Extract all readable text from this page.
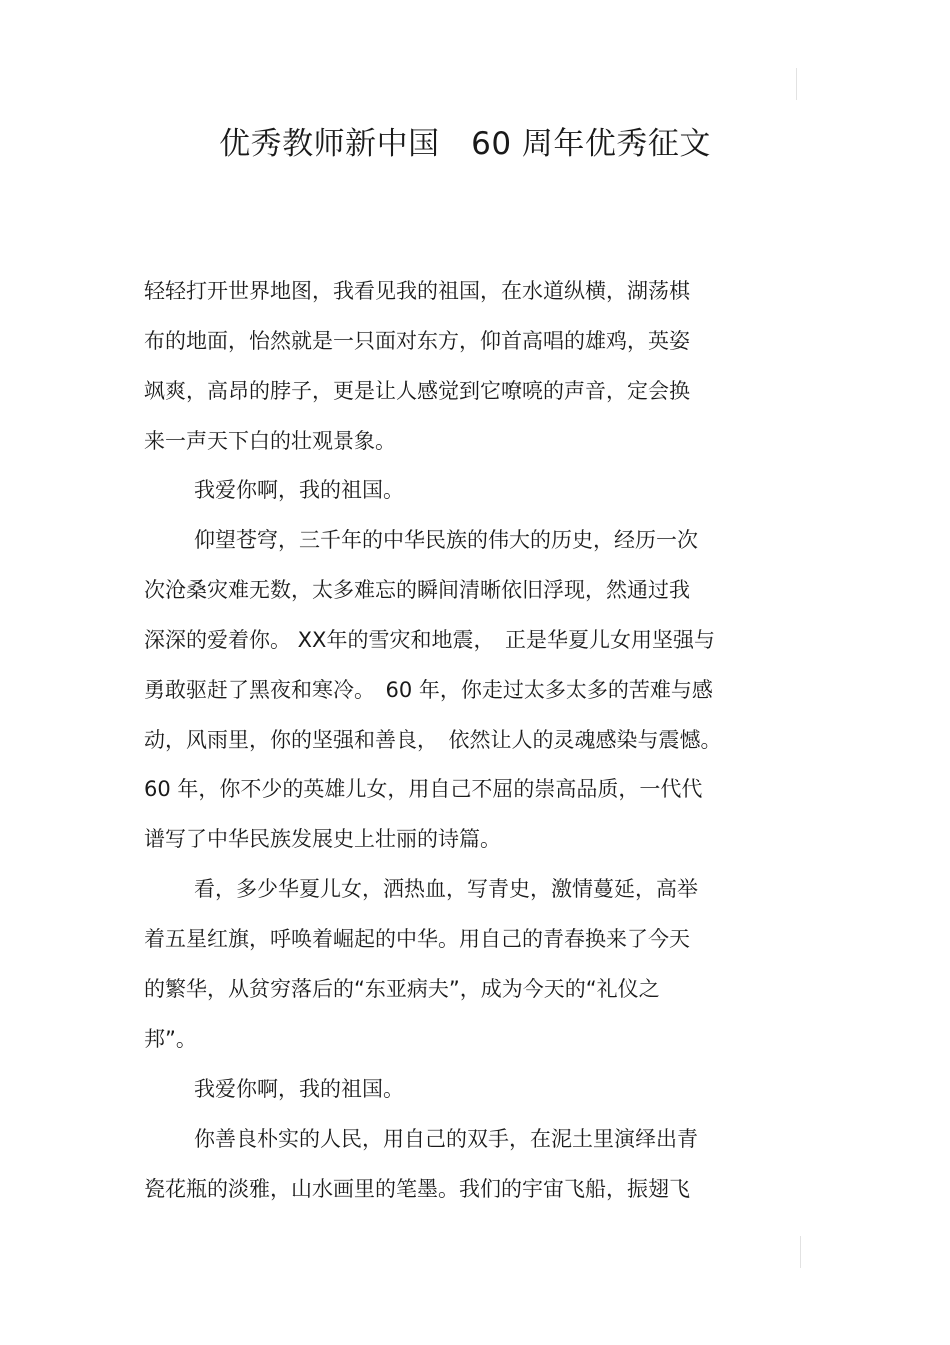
优秀教师新中国　60 周年优秀征文
轻轻打开世界地图，我看见我的祖国，在水道纵横，湖荡棋
布的地面，怡然就是一只面对东方，仰首高唱的雄鸡，英姿
飒爽，高昂的脖子，更是让人感觉到它嘹喨的声音，定会换
来一声天下白的壮观景象。
我爱你啊，我的祖国。
仰望苍穹，三千年的中华民族的伟大的历史，经历一次
次沧桑灾难无数，太多难忘的瞬间清晰依旧浮现，然通过我
深深的爱着你。 XX年的雪灾和地震，　正是华夏儿女用坚强与
勇敢驱赶了黑夜和寒冷。　60 年，你走过太多太多的苦难与感
动，风雨里，你的坚强和善良，　依然让人的灵魂感染与震憾。
60 年，你不少的英雄儿女，用自己不屈的崇高品质，一代代
谱写了中华民族发展史上壮丽的诗篇。
看，多少华夏儿女，洒热血，写青史，激情蔓延，高举
着五星红旗，呼唤着崛起的中华。用自己的青春换来了今天
的繁华，从贫穷落后的“东亚病夫”，成为今天的“礼仪之
邦”。
我爱你啊，我的祖国。
你善良朴实的人民，用自己的双手，在泥土里演绎出青
瓷花瓶的淡雅，山水画里的笔墨。我们的宇宙飞船，振翅飞
